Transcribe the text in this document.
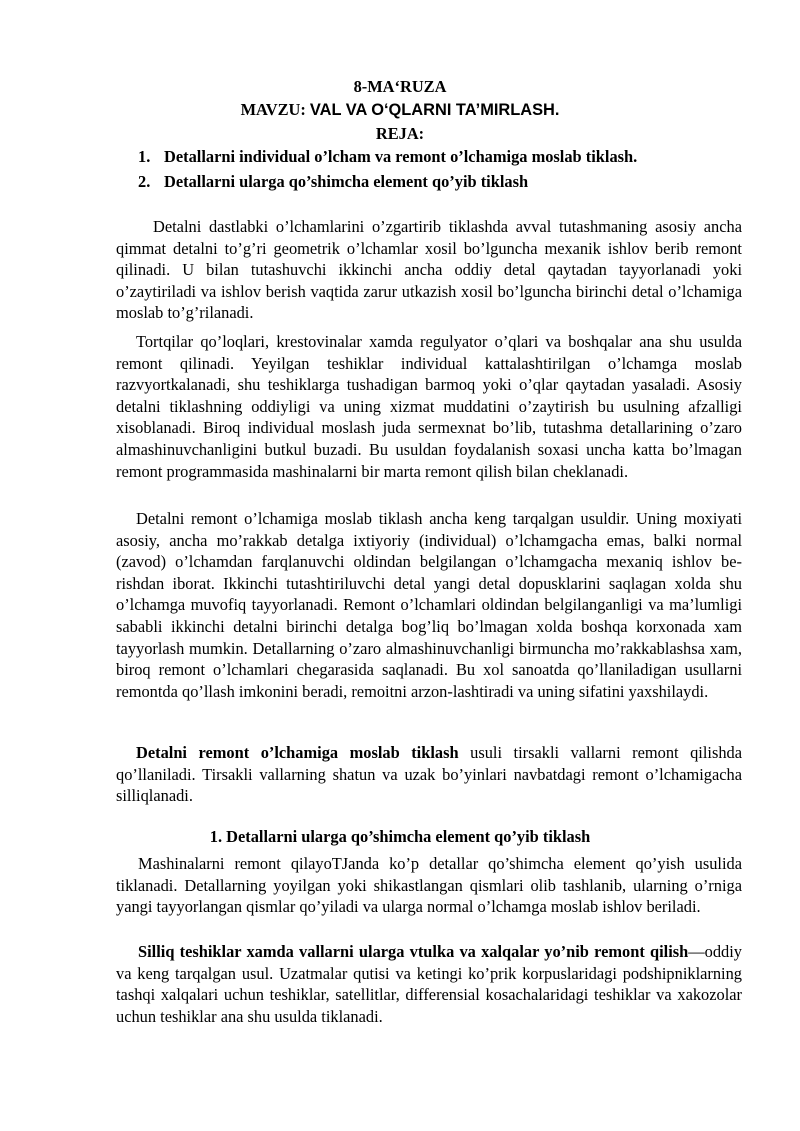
8-MA‘RUZA
MAVZU: VAL VA O‘QLARNI TA’MIRLASH.
REJA:
1. Detallarni individual o’lcham va remont o’lchamiga moslab tiklash.
2. Detallarni ularga qo’shimcha element qo’yib tiklash
Detalni dastlabki o’lchamlarini o’zgartirib tiklashda avval tutashmaning asosiy ancha qimmat detalni to’g’ri geometrik o’lchamlar xosil bo’lguncha mexanik ishlov berib remont qilinadi. U bilan tutashuvchi ikkinchi ancha oddiy detal qaytadan tayyorlanadi yoki o’zaytiriladi va ishlov berish vaqtida zarur utkazish xosil bo’lguncha birinchi detal o’lchamiga moslab to’g’rilanadi.
Tortqilar qo’loqlari, krestovinalar xamda regulyator o’qlari va boshqalar ana shu usulda remont qilinadi. Yeyilgan teshiklar individual kattalashtirilgan o’lchamga moslab razvyortkalanadi, shu teshiklarga tushadigan barmoq yoki o’qlar qaytadan yasaladi. Asosiy detalni tiklashning oddiyligi va uning xizmat muddatini o’zaytirish bu usulning afzalligi xisoblanadi. Biroq individual moslash juda sermexnat bo’lib, tutashma detallarining o’zaro almashinuvchanligini butkul buzadi. Bu usuldan foydalanish soxasi uncha katta bo’lmagan remont programmasida mashinalarni bir marta remont qilish bilan cheklanadi.
Detalni remont o’lchamiga moslab tiklash ancha keng tarqalgan usuldir. Uning moxiyati asosiy, ancha mo’rakkab detalga ixtiyoriy (individual) o’lchamgacha emas, balki normal (zavod) o’lchamdan farqlanuvchi oldindan belgilangan o’lchamgacha mexaniq ishlov be-rishdan iborat. Ikkinchi tutashtiriluvchi detal yangi detal dopusklarini saqlagan xolda shu o’lchamga muvofiq tayyorlanadi. Remont o’lchamlari oldindan belgilanganligi va ma’lumligi sababli ikkinchi detalni birinchi detalga bog’liq bo’lmagan xolda boshqa korxonada xam tayyorlash mumkin. Detallarning o’zaro almashinuvchanligi birmuncha mo’rakkablashsa xam, biroq remont o’lchamlari chegarasida saqlanadi. Bu xol sanoatda qo’llaniladigan usullarni remontda qo’llash imkonini beradi, remoitni arzon-lashtiradi va uning sifatini yaxshilaydi.
Detalni remont o’lchamiga moslab tiklash usuli tirsakli vallarni remont qilishda qo’llaniladi. Tirsakli vallarning shatun va uzak bo’yinlari navbatdagi remont o’lchamigacha silliqlanadi.
1. Detallarni ularga qo’shimcha element qo’yib tiklash
Mashinalarni remont qilayoTJanda ko’p detallar qo’shimcha element qo’yish usulida tiklanadi. Detallarning yoyilgan yoki shikastlangan qismlari olib tashlanib, ularning o’rniga yangi tayyorlangan qismlar qo’yiladi va ularga normal o’lchamga moslab ishlov beriladi.
Silliq teshiklar xamda vallarni ularga vtulka va xalqalar yo’nib remont qilish—oddiy va keng tarqalgan usul. Uzatmalar qutisi va ketingi ko’prik korpuslaridagi podshipniklarning tashqi xalqalari uchun teshiklar, satellitlar, differensial kosachalaridagi teshiklar va xakozolar uchun teshiklar ana shu usulda tiklanadi.
